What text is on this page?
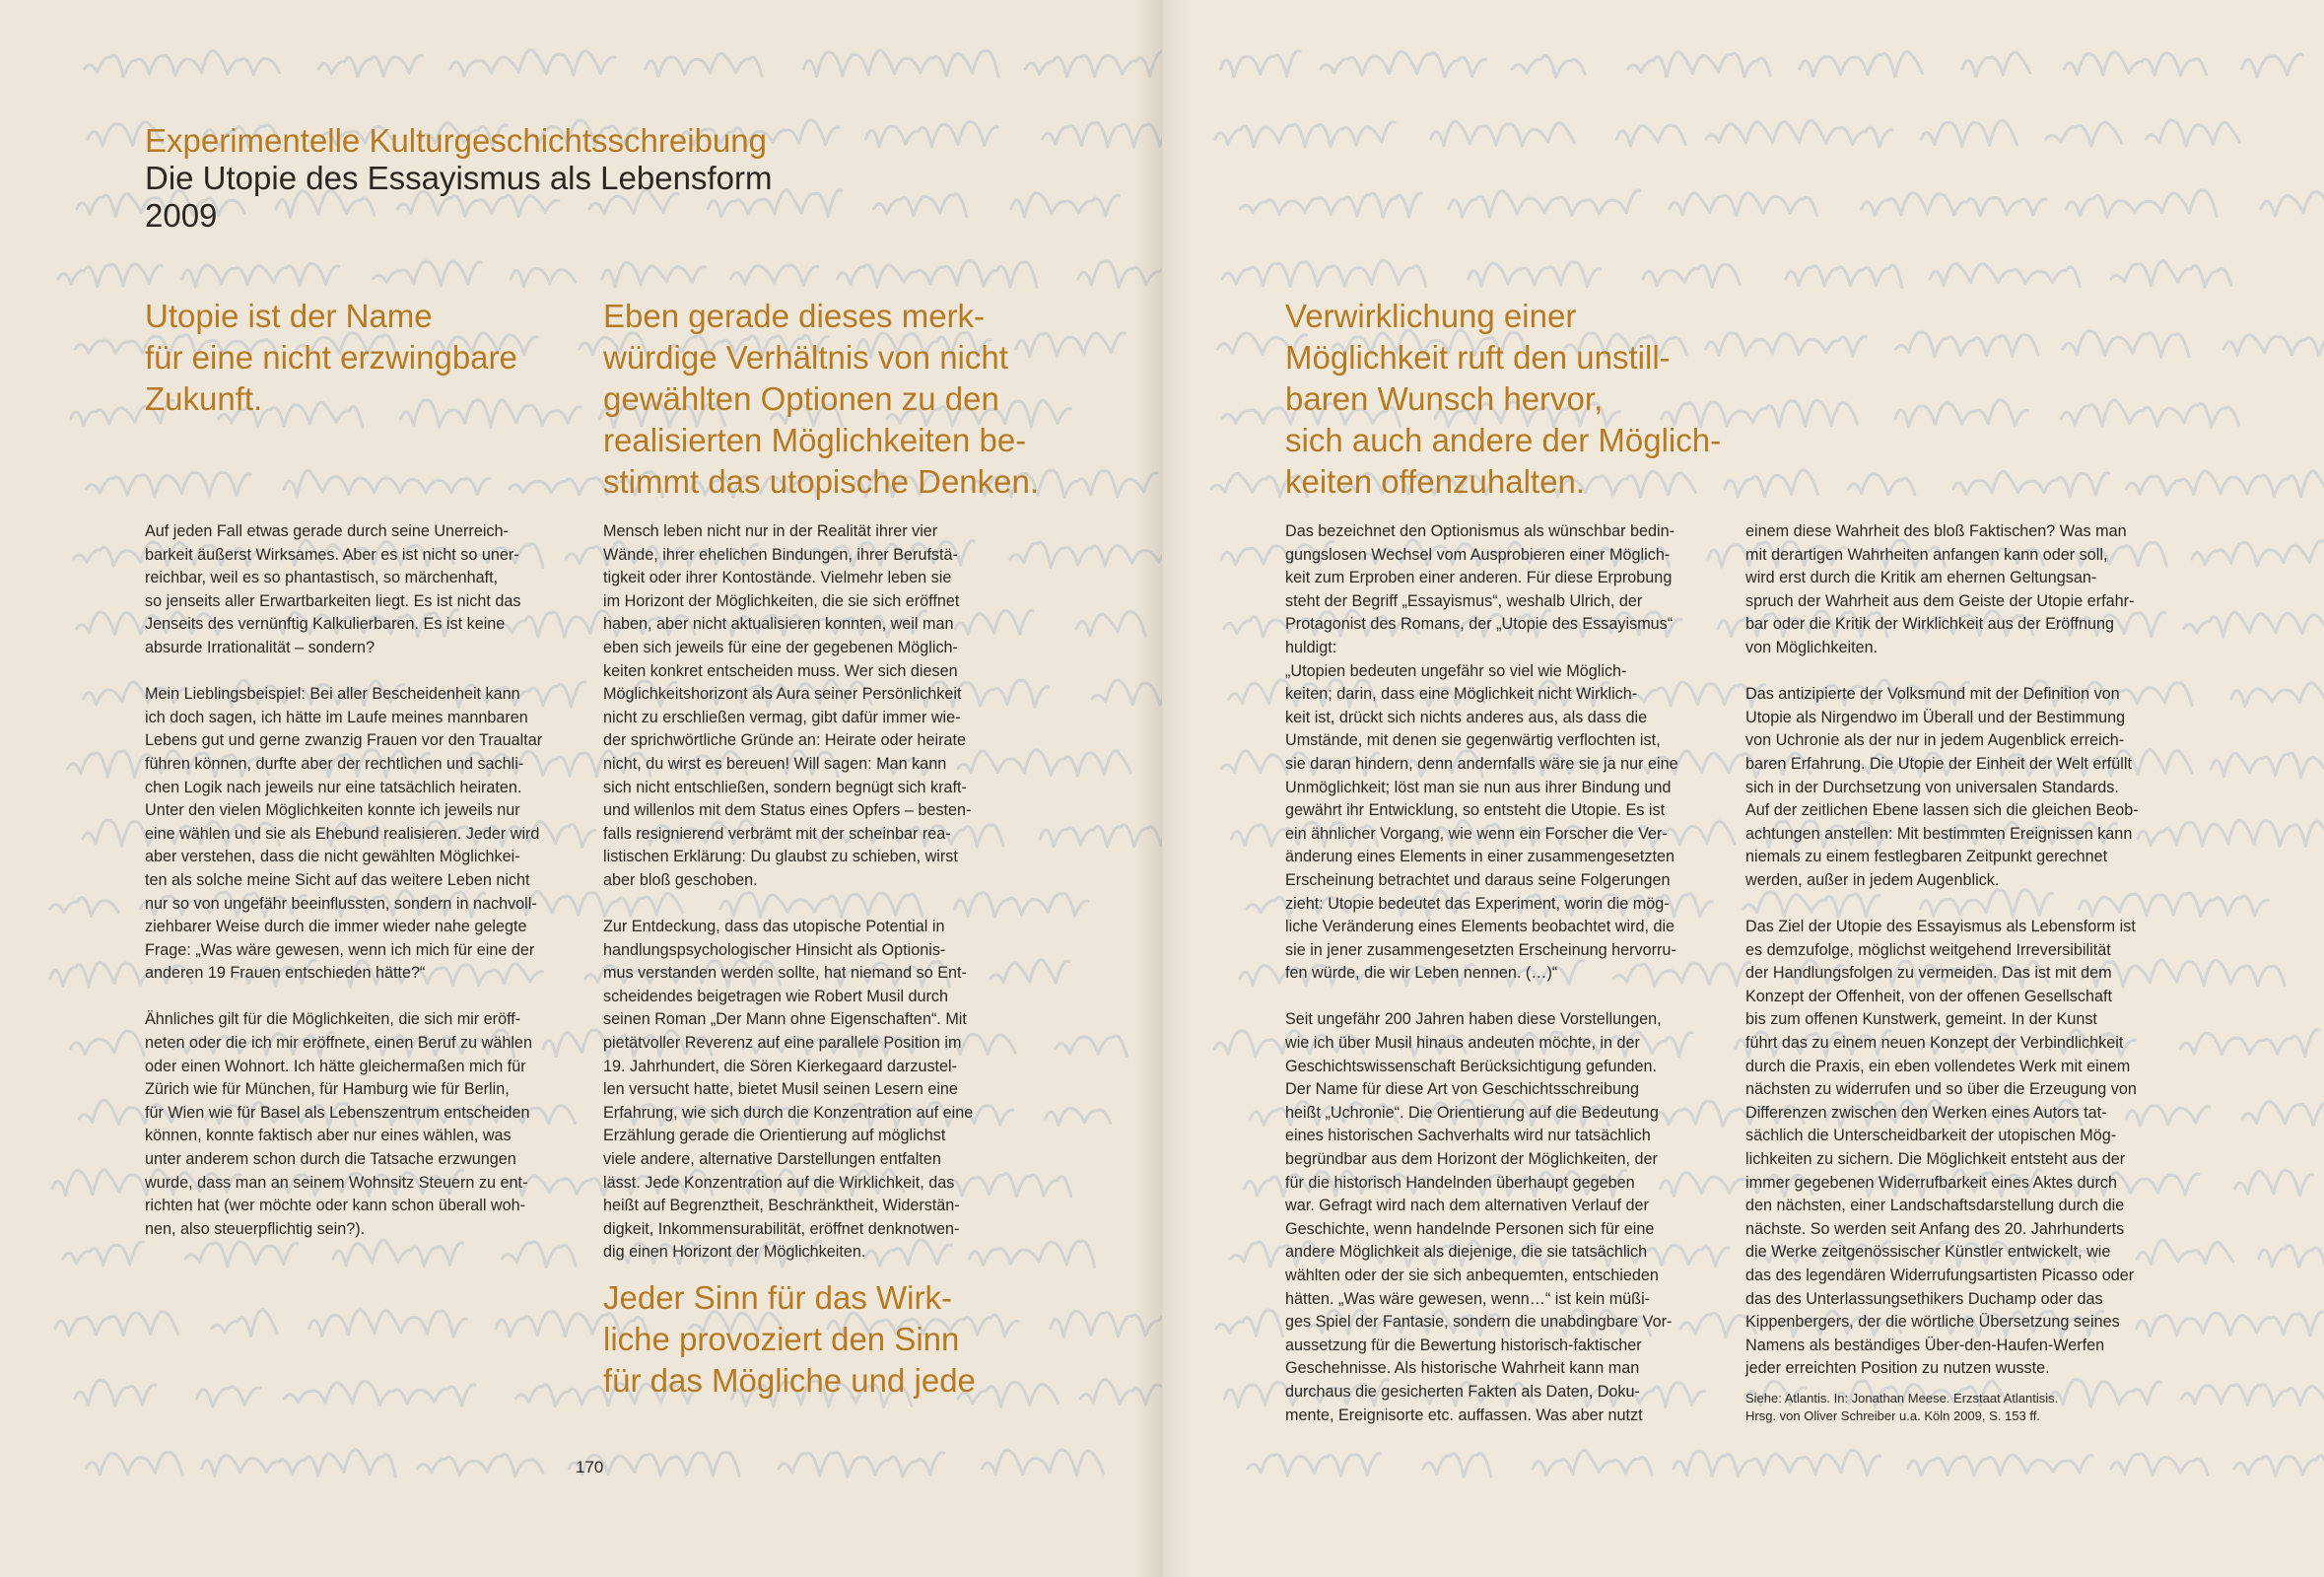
Experimentelle Kulturgeschichtsschreibung
Die Utopie des Essayismus als Lebensform
2009
Utopie ist der Name
für eine nicht erzwingbare
Zukunft.
Eben gerade dieses merk-
würdige Verhältnis von nicht
gewählten Optionen zu den
realisierten Möglichkeiten be-
stimmt das utopische Denken.

Auf jeden Fall etwas gerade durch seine Unerreich-
barkeit äußerst Wirksames. Aber es ist nicht so uner-
reichbar, weil es so phantastisch, so märchenhaft,
so jenseits aller Erwartbarkeiten liegt. Es ist nicht das
Jenseits des vernünftig Kalkulierbaren. Es ist keine
absurde Irrationalität – sondern?

Mein Lieblingsbeispiel: Bei aller Bescheidenheit kann
ich doch sagen, ich hätte im Laufe meines mannbaren
Lebens gut und gerne zwanzig Frauen vor den Traualtar
führen können, durfte aber der rechtlichen und sachli-
chen Logik nach jeweils nur eine tatsächlich heiraten.
Unter den vielen Möglichkeiten konnte ich jeweils nur
eine wählen und sie als Ehebund realisieren. Jeder wird
aber verstehen, dass die nicht gewählten Möglichkei-
ten als solche meine Sicht auf das weitere Leben nicht
nur so von ungefähr beeinflussten, sondern in nachvoll-
ziehbarer Weise durch die immer wieder nahe gelegte
Frage: „Was wäre gewesen, wenn ich mich für eine der
anderen 19 Frauen entschieden hätte?“

Ähnliches gilt für die Möglichkeiten, die sich mir eröff-
neten oder die ich mir eröffnete, einen Beruf zu wählen
oder einen Wohnort. Ich hätte gleichermaßen mich für
Zürich wie für München, für Hamburg wie für Berlin,
für Wien wie für Basel als Lebenszentrum entscheiden
können, konnte faktisch aber nur eines wählen, was
unter anderem schon durch die Tatsache erzwungen
wurde, dass man an seinem Wohnsitz Steuern zu ent-
richten hat (wer möchte oder kann schon überall woh-
nen, also steuerpflichtig sein?).

Mensch leben nicht nur in der Realität ihrer vier
Wände, ihrer ehelichen Bindungen, ihrer Berufstä-
tigkeit oder ihrer Kontostände. Vielmehr leben sie
im Horizont der Möglichkeiten, die sie sich eröffnet
haben, aber nicht aktualisieren konnten, weil man
eben sich jeweils für eine der gegebenen Möglich-
keiten konkret entscheiden muss. Wer sich diesen
Möglichkeitshorizont als Aura seiner Persönlichkeit
nicht zu erschließen vermag, gibt dafür immer wie-
der sprichwörtliche Gründe an: Heirate oder heirate
nicht, du wirst es bereuen! Will sagen: Man kann
sich nicht entschließen, sondern begnügt sich kraft-
und willenlos mit dem Status eines Opfers – besten-
falls resignierend verbrämt mit der scheinbar rea-
listischen Erklärung: Du glaubst zu schieben, wirst
aber bloß geschoben.

Zur Entdeckung, dass das utopische Potential in
handlungspsychologischer Hinsicht als Optionis-
mus verstanden werden sollte, hat niemand so Ent-
scheidendes beigetragen wie Robert Musil durch
seinen Roman „Der Mann ohne Eigenschaften“. Mit
pietätvoller Reverenz auf eine parallele Position im
19. Jahrhundert, die Sören Kierkegaard darzustel-
len versucht hatte, bietet Musil seinen Lesern eine
Erfahrung, wie sich durch die Konzentration auf eine
Erzählung gerade die Orientierung auf möglichst
viele andere, alternative Darstellungen entfalten
lässt. Jede Konzentration auf die Wirklichkeit, das
heißt auf Begrenztheit, Beschränktheit, Widerstän-
digkeit, Inkommensurabilität, eröffnet denknotwen-
dig einen Horizont der Möglichkeiten.

Jeder Sinn für das Wirk-
liche provoziert den Sinn
für das Mögliche und jede
170
Verwirklichung einer
Möglichkeit ruft den unstill-
baren Wunsch hervor,
sich auch andere der Möglich-
keiten offenzuhalten.

Das bezeichnet den Optionismus als wünschbar bedin-
gungslosen Wechsel vom Ausprobieren einer Möglich-
keit zum Erproben einer anderen. Für diese Erprobung
steht der Begriff „Essayismus“, weshalb Ulrich, der
Protagonist des Romans, der „Utopie des Essayismus“
huldigt:
„Utopien bedeuten ungefähr so viel wie Möglich-
keiten; darin, dass eine Möglichkeit nicht Wirklich-
keit ist, drückt sich nichts anderes aus, als dass die
Umstände, mit denen sie gegenwärtig verflochten ist,
sie daran hindern, denn andernfalls wäre sie ja nur eine
Unmöglichkeit; löst man sie nun aus ihrer Bindung und
gewährt ihr Entwicklung, so entsteht die Utopie. Es ist
ein ähnlicher Vorgang, wie wenn ein Forscher die Ver-
änderung eines Elements in einer zusammengesetzten
Erscheinung betrachtet und daraus seine Folgerungen
zieht: Utopie bedeutet das Experiment, worin die mög-
liche Veränderung eines Elements beobachtet wird, die
sie in jener zusammengesetzten Erscheinung hervorru-
fen würde, die wir Leben nennen. (…)“

Seit ungefähr 200 Jahren haben diese Vorstellungen,
wie ich über Musil hinaus andeuten möchte, in der
Geschichtswissenschaft Berücksichtigung gefunden.
Der Name für diese Art von Geschichtsschreibung
heißt „Uchronie“. Die Orientierung auf die Bedeutung
eines historischen Sachverhalts wird nur tatsächlich
begründbar aus dem Horizont der Möglichkeiten, der
für die historisch Handelnden überhaupt gegeben
war. Gefragt wird nach dem alternativen Verlauf der
Geschichte, wenn handelnde Personen sich für eine
andere Möglichkeit als diejenige, die sie tatsächlich
wählten oder der sie sich anbequemten, entschieden
hätten. „Was wäre gewesen, wenn…“ ist kein müßi-
ges Spiel der Fantasie, sondern die unabdingbare Vor-
aussetzung für die Bewertung historisch-faktischer
Geschehnisse. Als historische Wahrheit kann man
durchaus die gesicherten Fakten als Daten, Doku-
mente, Ereignisorte etc. auffassen. Was aber nutzt

einem diese Wahrheit des bloß Faktischen? Was man
mit derartigen Wahrheiten anfangen kann oder soll,
wird erst durch die Kritik am ehernen Geltungsan-
spruch der Wahrheit aus dem Geiste der Utopie erfahr-
bar oder die Kritik der Wirklichkeit aus der Eröffnung
von Möglichkeiten.

Das antizipierte der Volksmund mit der Definition von
Utopie als Nirgendwo im Überall und der Bestimmung
von Uchronie als der nur in jedem Augenblick erreich-
baren Erfahrung. Die Utopie der Einheit der Welt erfüllt
sich in der Durchsetzung von universalen Standards.
Auf der zeitlichen Ebene lassen sich die gleichen Beob-
achtungen anstellen: Mit bestimmten Ereignissen kann
niemals zu einem festlegbaren Zeitpunkt gerechnet
werden, außer in jedem Augenblick.

Das Ziel der Utopie des Essayismus als Lebensform ist
es demzufolge, möglichst weitgehend Irreversibilität
der Handlungsfolgen zu vermeiden. Das ist mit dem
Konzept der Offenheit, von der offenen Gesellschaft
bis zum offenen Kunstwerk, gemeint. In der Kunst
führt das zu einem neuen Konzept der Verbindlichkeit
durch die Praxis, ein eben vollendetes Werk mit einem
nächsten zu widerrufen und so über die Erzeugung von
Differenzen zwischen den Werken eines Autors tat-
sächlich die Unterscheidbarkeit der utopischen Mög-
lichkeiten zu sichern. Die Möglichkeit entsteht aus der
immer gegebenen Widerrufbarkeit eines Aktes durch
den nächsten, einer Landschaftsdarstellung durch die
nächste. So werden seit Anfang des 20. Jahrhunderts
die Werke zeitgenössischer Künstler entwickelt, wie
das des legendären Widerrufungsartisten Picasso oder
das des Unterlassungsethikers Duchamp oder das
Kippenbergers, der die wörtliche Übersetzung seines
Namens als beständiges Über-den-Haufen-Werfen
jeder erreichten Position zu nutzen wusste.

Siehe: Atlantis. In: Jonathan Meese. Erzstaat Atlantisis.
Hrsg. von Oliver Schreiber u.a. Köln 2009, S. 153 ff.
